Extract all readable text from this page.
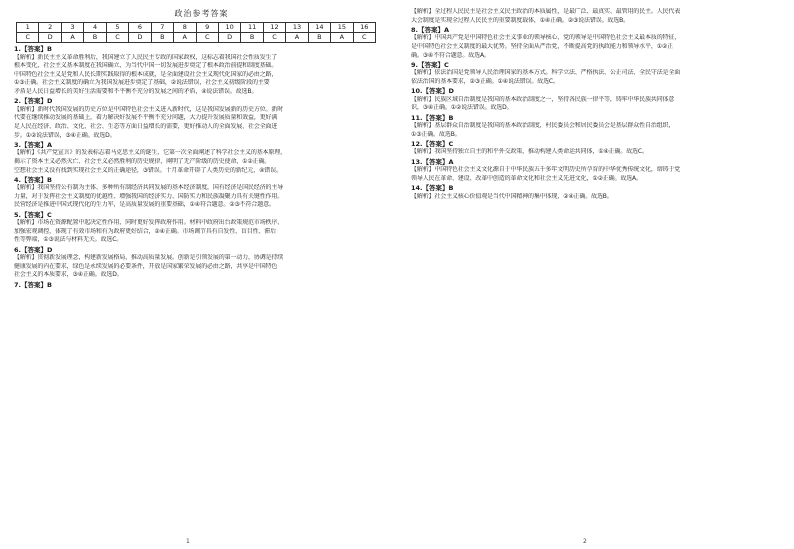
政治参考答案
1	2	3	4	5	6	7	8	9	10	11	12	13	14	15	16
C	D	A	B	C	D	B	A	C	D	B	C	A	B	A	C
1.【答案】B
【解析】新民主主义革命胜利后，我国建立了人民民主专政的国家政权，这标志着我国社会性质发生了
根本变化，社会主义基本制度在我国确立，为当代中国一切发展进步奠定了根本政治前提和制度基础。
中国特色社会主义是党和人民长期实践取得的根本成就，是全面建设社会主义现代化国家的必由之路，
①③正确。社会主义制度的确立为我国发展进步奠定了基础，②说法错误，社会主义初级阶段的主要
矛盾是人民日益增长的美好生活需要和不平衡不充分的发展之间的矛盾，④说法错误。故选B。
2.【答案】D
【解析】新时代我国发展的历史方位是中国特色社会主义进入新时代，这是我国发展新的历史方位。新时
代要在继续推动发展的基础上，着力解决好发展不平衡不充分问题，大力提升发展质量和效益，更好满
足人民在经济、政治、文化、社会、生态等方面日益增长的需要，更好推动人的全面发展、社会全面进
步。①②说法错误，③④正确。故选D。
3.【答案】A
【解析】《共产党宣言》的发表标志着马克思主义的诞生，它第一次全面阐述了科学社会主义的基本原理，
揭示了资本主义必然灭亡、社会主义必然胜利的历史规律，阐明了无产阶级的历史使命，①②正确。
空想社会主义没有找到实现社会主义的正确途径，③错误。十月革命开辟了人类历史的新纪元，④错误。
4.【答案】B
【解析】我国坚持公有制为主体、多种所有制经济共同发展的基本经济制度，国有经济是国民经济的主导
力量，对于发挥社会主义制度的优越性、增强我国的经济实力、国防实力和民族凝聚力具有关键性作用。
民营经济是推进中国式现代化的生力军，是高质量发展的重要基础，①④符合题意。②③不符合题意。
5.【答案】C
【解析】市场在资源配置中起决定性作用，同时更好发挥政府作用。材料中政府出台政策规范市场秩序、
加强宏观调控，体现了有效市场和有为政府更好结合，②④正确。市场调节具有自发性、盲目性、滞后
性等弊端，①③说法与材料无关。故选C。
6.【答案】D
【解析】贯彻新发展理念，构建新发展格局，推动高质量发展。创新是引领发展的第一动力，协调是持续
健康发展的内在要求，绿色是永续发展的必要条件，开放是国家繁荣发展的必由之路，共享是中国特色
社会主义的本质要求，③④正确。故选D。
7.【答案】B
1
【解析】全过程人民民主是社会主义民主政治的本质属性，是最广泛、最真实、最管用的民主。人民代表
大会制度是实现全过程人民民主的重要制度载体，①④正确。②③说法错误。故选B。
8.【答案】A
【解析】中国共产党是中国特色社会主义事业的领导核心，党的领导是中国特色社会主义最本质的特征，
是中国特色社会主义制度的最大优势。坚持全面从严治党，不断提高党的执政能力和领导水平，①②正
确。③④不符合题意。故选A。
9.【答案】C
【解析】依法治国是党领导人民治理国家的基本方式。科学立法、严格执法、公正司法、全民守法是全面
依法治国的基本要求，②③正确。①④说法错误。故选C。
10.【答案】D
【解析】民族区域自治制度是我国的基本政治制度之一，坚持各民族一律平等，铸牢中华民族共同体意
识，③④正确。①②说法错误。故选D。
11.【答案】B
【解析】基层群众自治制度是我国的基本政治制度，村民委员会和居民委员会是基层群众性自治组织，
①③正确。故选B。
12.【答案】C
【解析】我国坚持独立自主的和平外交政策，推动构建人类命运共同体，①④正确。故选C。
13.【答案】A
【解析】中国特色社会主义文化源自于中华民族五千多年文明历史所孕育的中华优秀传统文化，熔铸于党
领导人民在革命、建设、改革中创造的革命文化和社会主义先进文化，①②正确。故选A。
14.【答案】B
【解析】社会主义核心价值观是当代中国精神的集中体现，②④正确。故选B。
2
